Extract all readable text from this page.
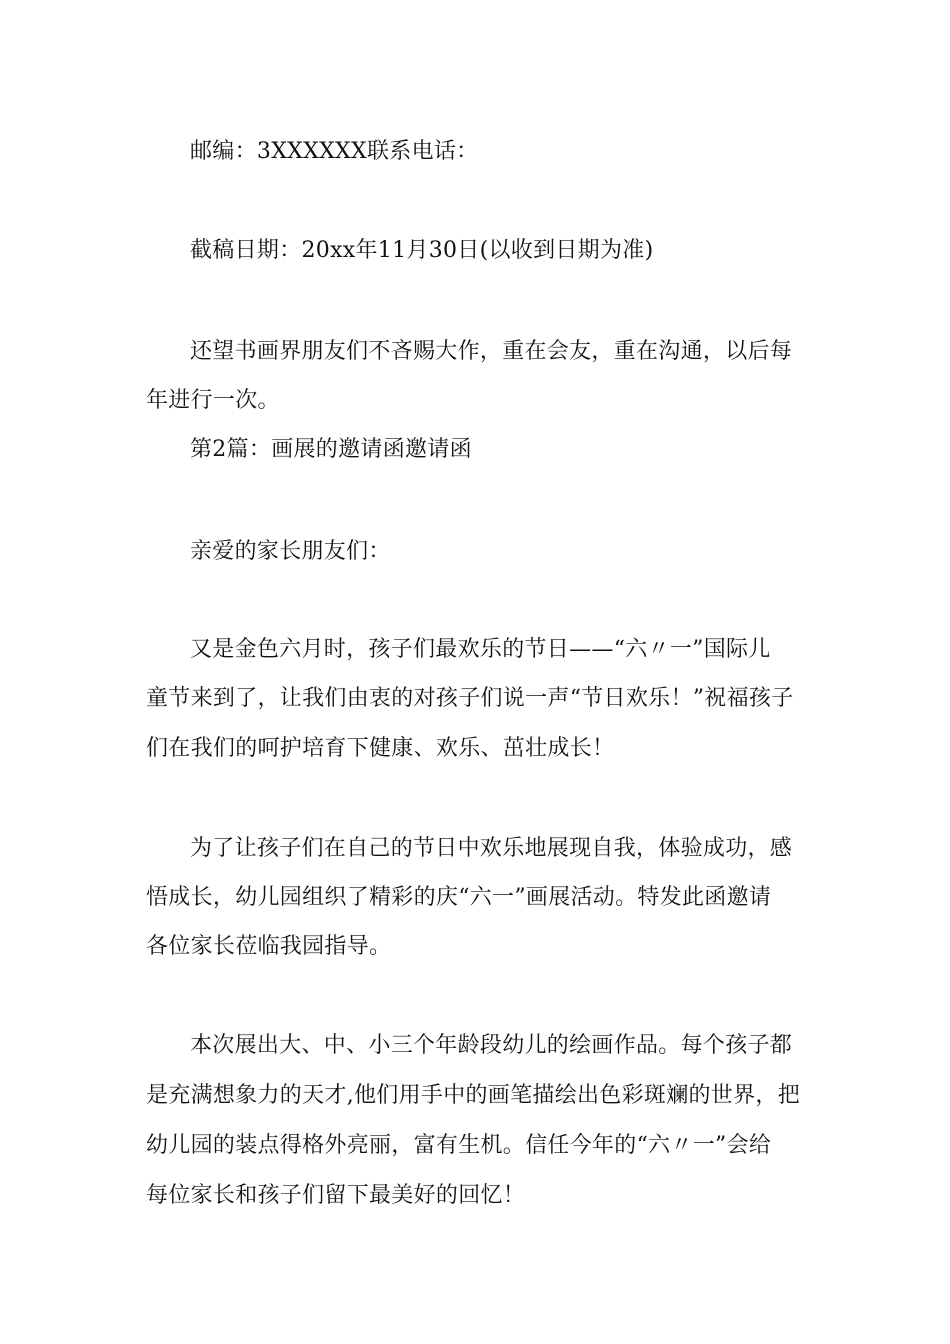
邮编：3XXXXXX联系电话：
截稿日期：20xx年11月30日(以收到日期为准)
还望书画界朋友们不吝赐大作，重在会友，重在沟通，以后每
年进行一次。
第2篇：画展的邀请函邀请函
亲爱的家长朋友们：
又是金色六月时，孩子们最欢乐的节日——“六〃一”国际儿
童节来到了，让我们由衷的对孩子们说一声“节日欢乐！”祝福孩子
们在我们的呵护培育下健康、欢乐、茁壮成长！
为了让孩子们在自己的节日中欢乐地展现自我，体验成功，感
悟成长，幼儿园组织了精彩的庆“六一”画展活动。特发此函邀请
各位家长莅临我园指导。
本次展出大、中、小三个年龄段幼儿的绘画作品。每个孩子都
是充满想象力的天才,他们用手中的画笔描绘出色彩斑斓的世界，把
幼儿园的装点得格外亮丽，富有生机。信任今年的“六〃一”会给
每位家长和孩子们留下最美好的回忆！
